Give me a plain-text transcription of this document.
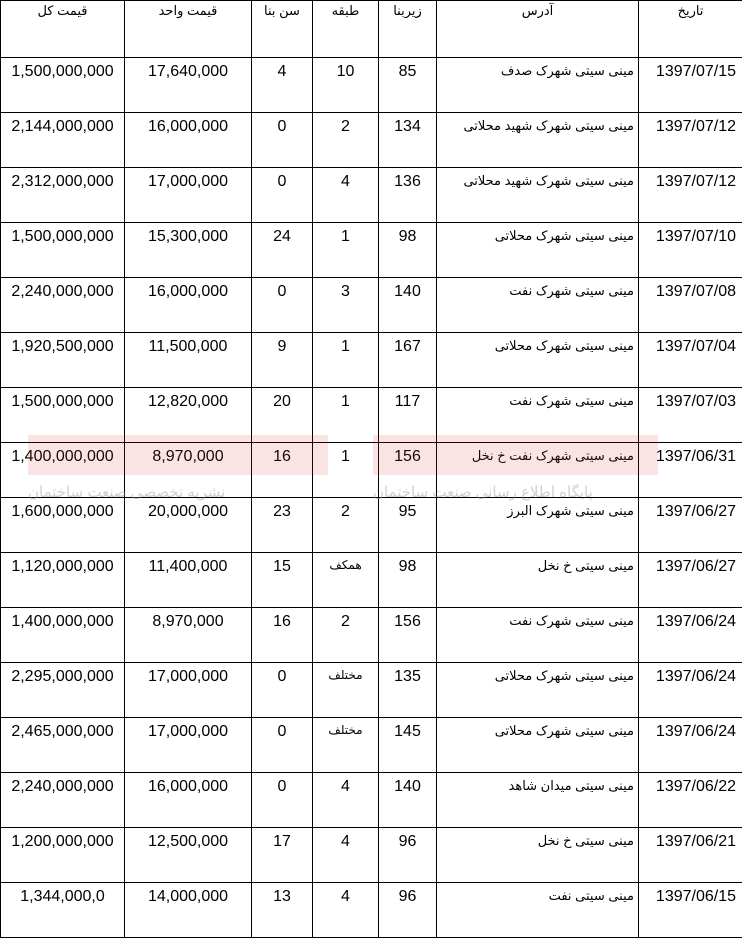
تاریخ	آدرس	زیربنا	طبقه	سن بنا	قیمت واحد	قیمت کل
1397/07/15	مینی سیتی شهرک صدف	85	10	4	17,640,000	1,500,000,000
1397/07/12	مینی سیتی شهرک شهید محلاتی	134	2	0	16,000,000	2,144,000,000
1397/07/12	مینی سیتی شهرک شهید محلاتی	136	4	0	17,000,000	2,312,000,000
1397/07/10	مینی سیتی شهرک محلاتی	98	1	24	15,300,000	1,500,000,000
1397/07/08	مینی سیتی شهرک نفت	140	3	0	16,000,000	2,240,000,000
1397/07/04	مینی سیتی شهرک محلاتی	167	1	9	11,500,000	1,920,500,000
1397/07/03	مینی سیتی شهرک نفت	117	1	20	12,820,000	1,500,000,000
1397/06/31	مینی سیتی شهرک نفت خ نخل	156	1	16	8,970,000	1,400,000,000
1397/06/27	مینی سیتی شهرک البرز	95	2	23	20,000,000	1,600,000,000
1397/06/27	مینی سیتی خ نخل	98	همکف	15	11,400,000	1,120,000,000
1397/06/24	مینی سیتی شهرک نفت	156	2	16	8,970,000	1,400,000,000
1397/06/24	مینی سیتی شهرک محلاتی	135	مختلف	0	17,000,000	2,295,000,000
1397/06/24	مینی سیتی شهرک محلاتی	145	مختلف	0	17,000,000	2,465,000,000
1397/06/22	مینی سیتی میدان شاهد	140	4	0	16,000,000	2,240,000,000
1397/06/21	مینی سیتی خ نخل	96	4	17	12,500,000	1,200,000,000
1397/06/15	مینی سیتی نفت	96	4	13	14,000,000	1,344,000,0
نشریه تخصصی صنعت ساختمان	پایگاه اطلاع رسانی صنعت ساختمان
